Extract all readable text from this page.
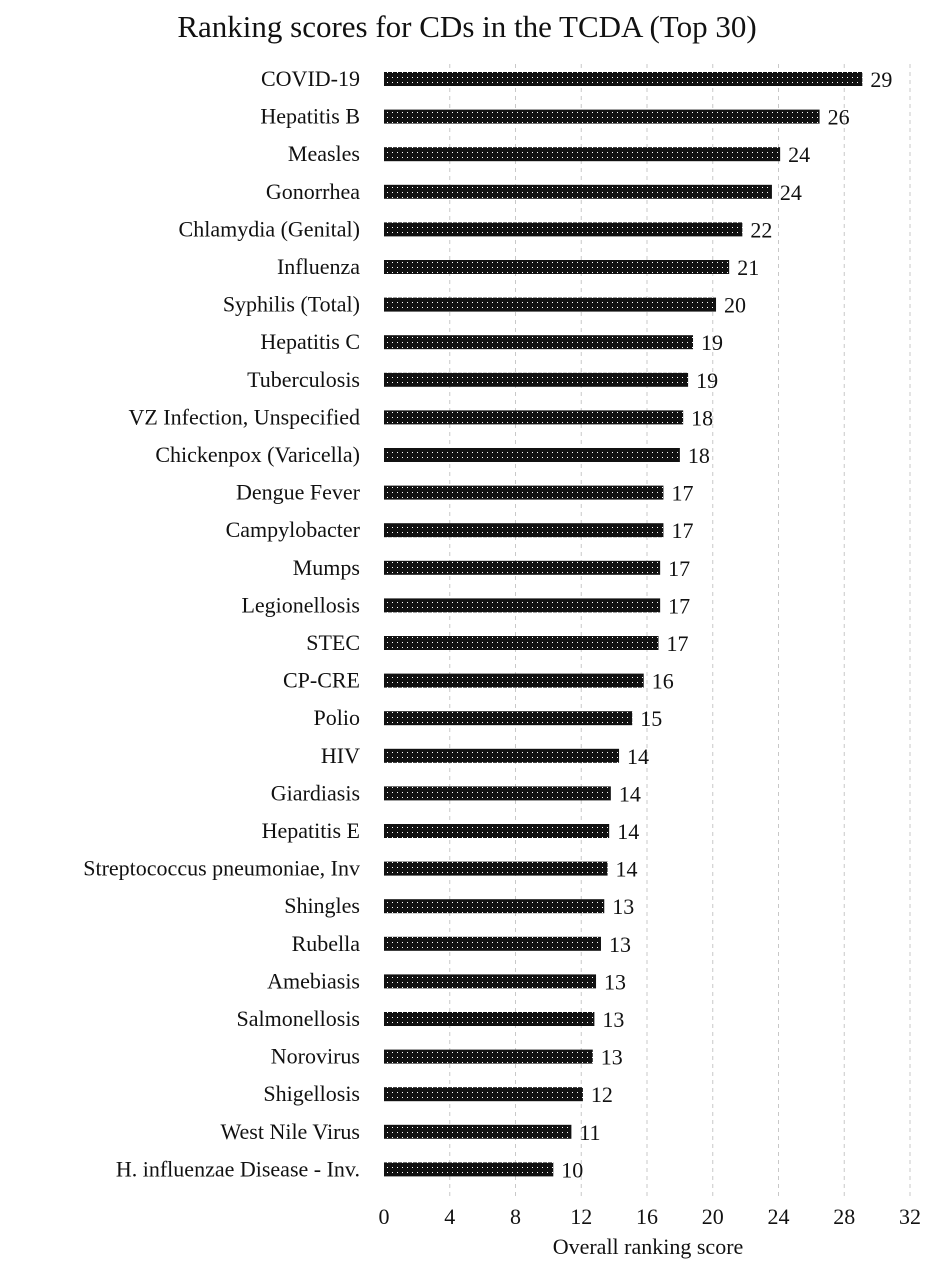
Ranking scores for CDs in the TCDA (Top 30)
COVID-19
Hepatitis B
Measles
Gonorrhea
Chlamydia (Genital)
Influenza
Syphilis (Total)
Hepatitis C
Tuberculosis
VZ Infection, Unspecified
Chickenpox (Varicella)
Dengue Fever
Campylobacter
Mumps
Legionellosis
STEC
CP-CRE
Polio
HIV
Giardiasis
Hepatitis E
Streptococcus pneumoniae, Inv
Shingles
Rubella
Amebiasis
Salmonellosis
Norovirus
Shigellosis
West Nile Virus
H. influenzae Disease - Inv.
29
26
24
24
22
21
20
19
19
18
18
17
17
17
17
17
16
15
14
14
14
14
13
13
13
13
13
12
11
10
0 4 8 12 16 20 24 28 32
Overall ranking score
